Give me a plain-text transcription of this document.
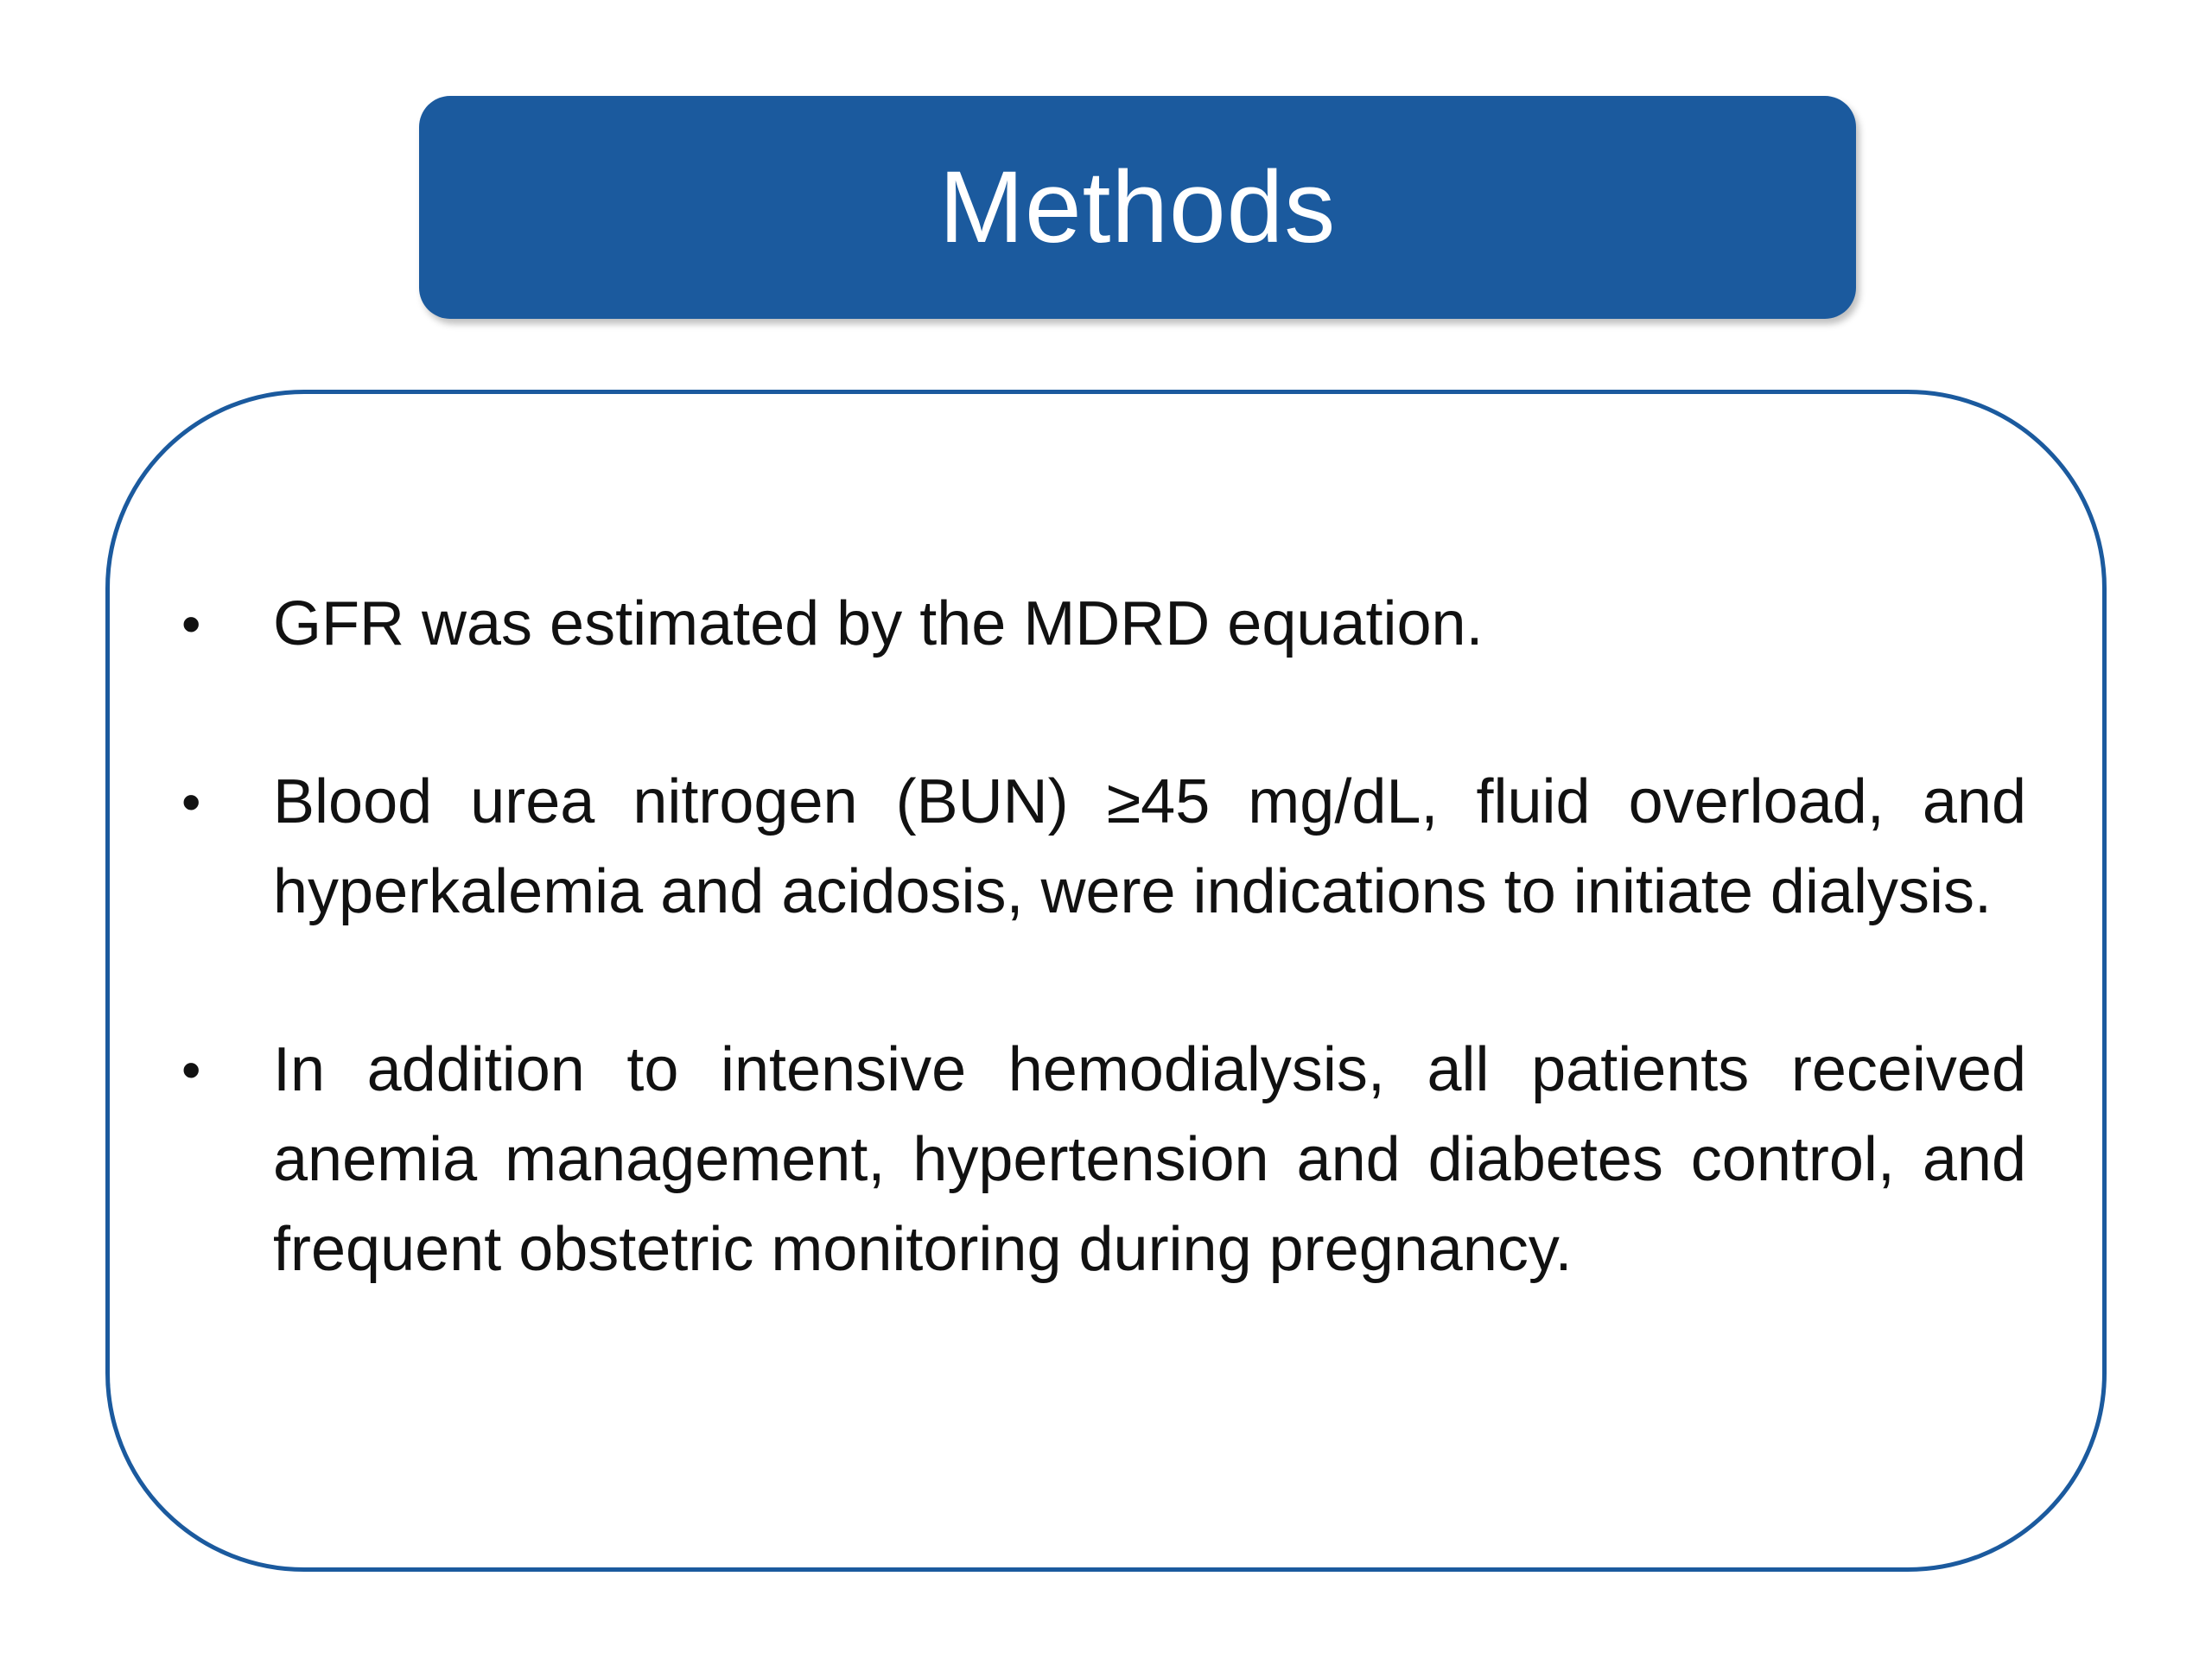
Methods
•	GFR was estimated by the MDRD equation.
•	Blood urea nitrogen (BUN) ≥45 mg/dL, fluid overload, and hyperkalemia and acidosis, were indications to initiate dialysis.
•	In addition to intensive hemodialysis, all patients received anemia management, hypertension and diabetes control, and frequent obstetric monitoring during pregnancy.
